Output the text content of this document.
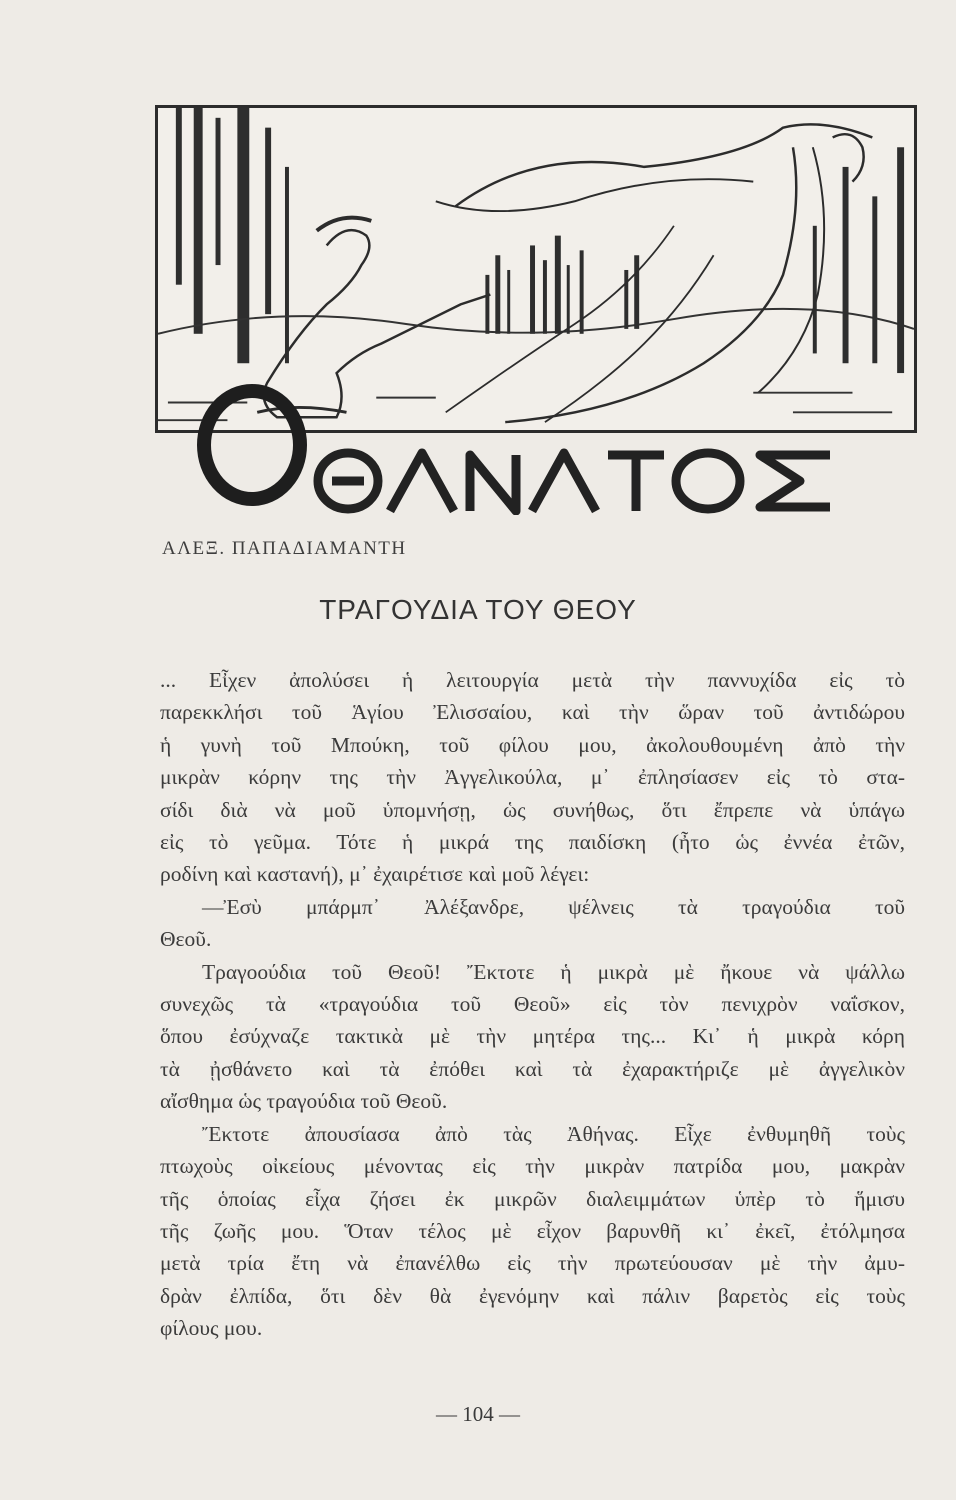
ΑΛΕΞ. ΠΑΠΑΔΙΑΜΑΝΤΗ
ΤΡΑΓΟΥΔΙΑ ΤΟΥ ΘΕΟΥ
... Εἶχεν ἀπολύσει ἡ λειτουργία μετὰ τὴν παννυχίδα εἰς τὸ
παρεκκλήσι τοῦ Ἁγίου Ἐλισσαίου, καὶ τὴν ὥραν τοῦ ἀντιδώρου
ἡ γυνὴ τοῦ Μπούκη, τοῦ φίλου μου, ἀκολουθουμένη ἀπὸ τὴν
μικρὰν κόρην της τὴν Ἀγγελικούλα, μ᾿ ἐπλησίασεν εἰς τὸ στα-
σίδι διὰ νὰ μοῦ ὑπομνήσῃ, ὡς συνήθως, ὅτι ἔπρεπε νὰ ὑπάγω
εἰς τὸ γεῦμα. Τότε ἡ μικρά της παιδίσκη (ἦτο ὡς ἐννέα ἐτῶν,
ροδίνη καὶ καστανή), μ᾿ ἐχαιρέτισε καὶ μοῦ λέγει:
—Ἐσὺ μπάρμπ᾿ Ἀλέξανδρε, ψέλνεις τὰ τραγούδια τοῦ
Θεοῦ.
Τραγοούδια τοῦ Θεοῦ! Ἔκτοτε ἡ μικρὰ μὲ ἤκουε νὰ ψάλλω
συνεχῶς τὰ «τραγούδια τοῦ Θεοῦ» εἰς τὸν πενιχρὸν ναΐσκον,
ὅπου ἐσύχναζε τακτικὰ μὲ τὴν μητέρα της... Κι᾿ ἡ μικρὰ κόρη
τὰ ᾐσθάνετο καὶ τὰ ἐπόθει καὶ τὰ ἐχαρακτήριζε μὲ ἀγγελικὸν
αἴσθημα ὡς τραγούδια τοῦ Θεοῦ.
Ἔκτοτε ἀπουσίασα ἀπὸ τὰς Ἀθήνας. Εἶχε ἐνθυμηθῆ τοὺς
πτωχοὺς οἰκείους μένοντας εἰς τὴν μικρὰν πατρίδα μου, μακρὰν
τῆς ὁποίας εἶχα ζήσει ἐκ μικρῶν διαλειμμάτων ὑπὲρ τὸ ἥμισυ
τῆς ζωῆς μου. Ὅταν τέλος μὲ εἶχον βαρυνθῆ κι᾿ ἐκεῖ, ἐτόλμησα
μετὰ τρία ἔτη νὰ ἐπανέλθω εἰς τὴν πρωτεύουσαν μὲ τὴν ἀμυ-
δρὰν ἐλπίδα, ὅτι δὲν θὰ ἐγενόμην καὶ πάλιν βαρετὸς εἰς τοὺς
φίλους μου.
— 104 —
